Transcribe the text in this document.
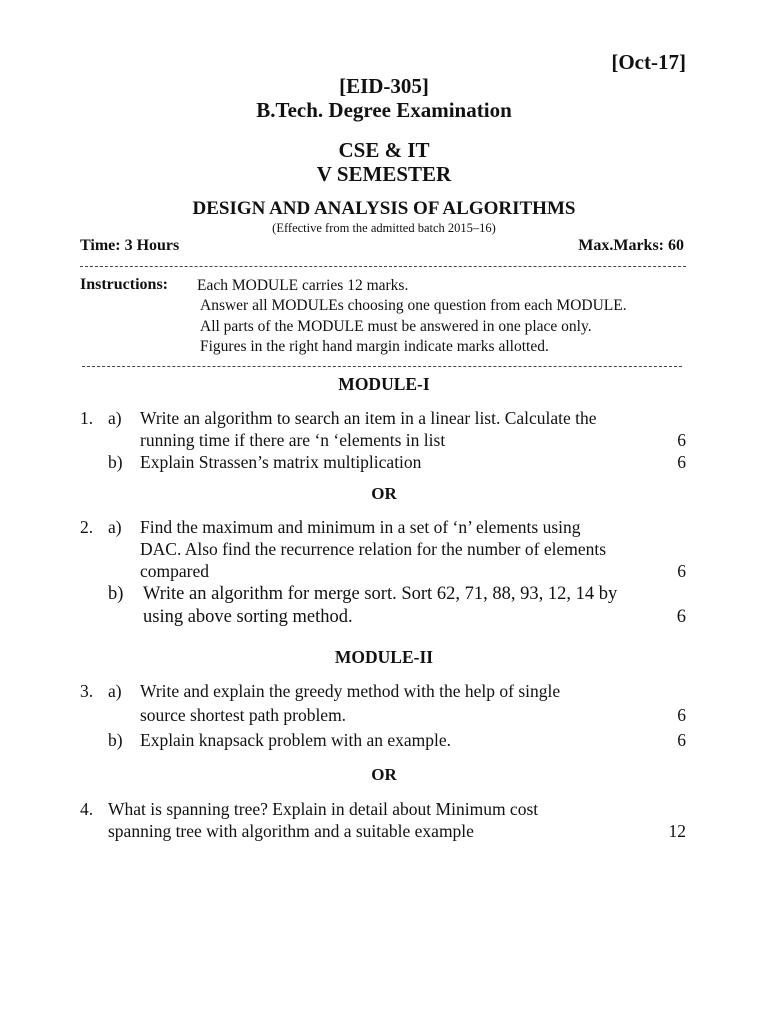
[Oct-17]
[EID-305]
B.Tech. Degree Examination
CSE & IT
V SEMESTER
DESIGN AND ANALYSIS OF ALGORITHMS
(Effective from the admitted batch 2015–16)
Time: 3 Hours	Max.Marks: 60
Instructions: Each MODULE carries 12 marks.
Answer all MODULEs choosing one question from each MODULE.
All parts of the MODULE must be answered in one place only.
Figures in the right hand margin indicate marks allotted.
MODULE-I
1. a) Write an algorithm to search an item in a linear list. Calculate the
running time if there are ‘n ‘elements in list	6
b) Explain Strassen’s matrix multiplication	6
OR
2. a) Find the maximum and minimum in a set of ‘n’ elements using
DAC. Also find the recurrence relation for the number of elements
compared	6
b) Write an algorithm for merge sort. Sort 62, 71, 88, 93, 12, 14 by
using above sorting method.	6
MODULE-II
3. a) Write and explain the greedy method with the help of single
source shortest path problem.	6
b) Explain knapsack problem with an example.	6
OR
4. What is spanning tree? Explain in detail about Minimum cost
spanning tree with algorithm and a suitable example	12
